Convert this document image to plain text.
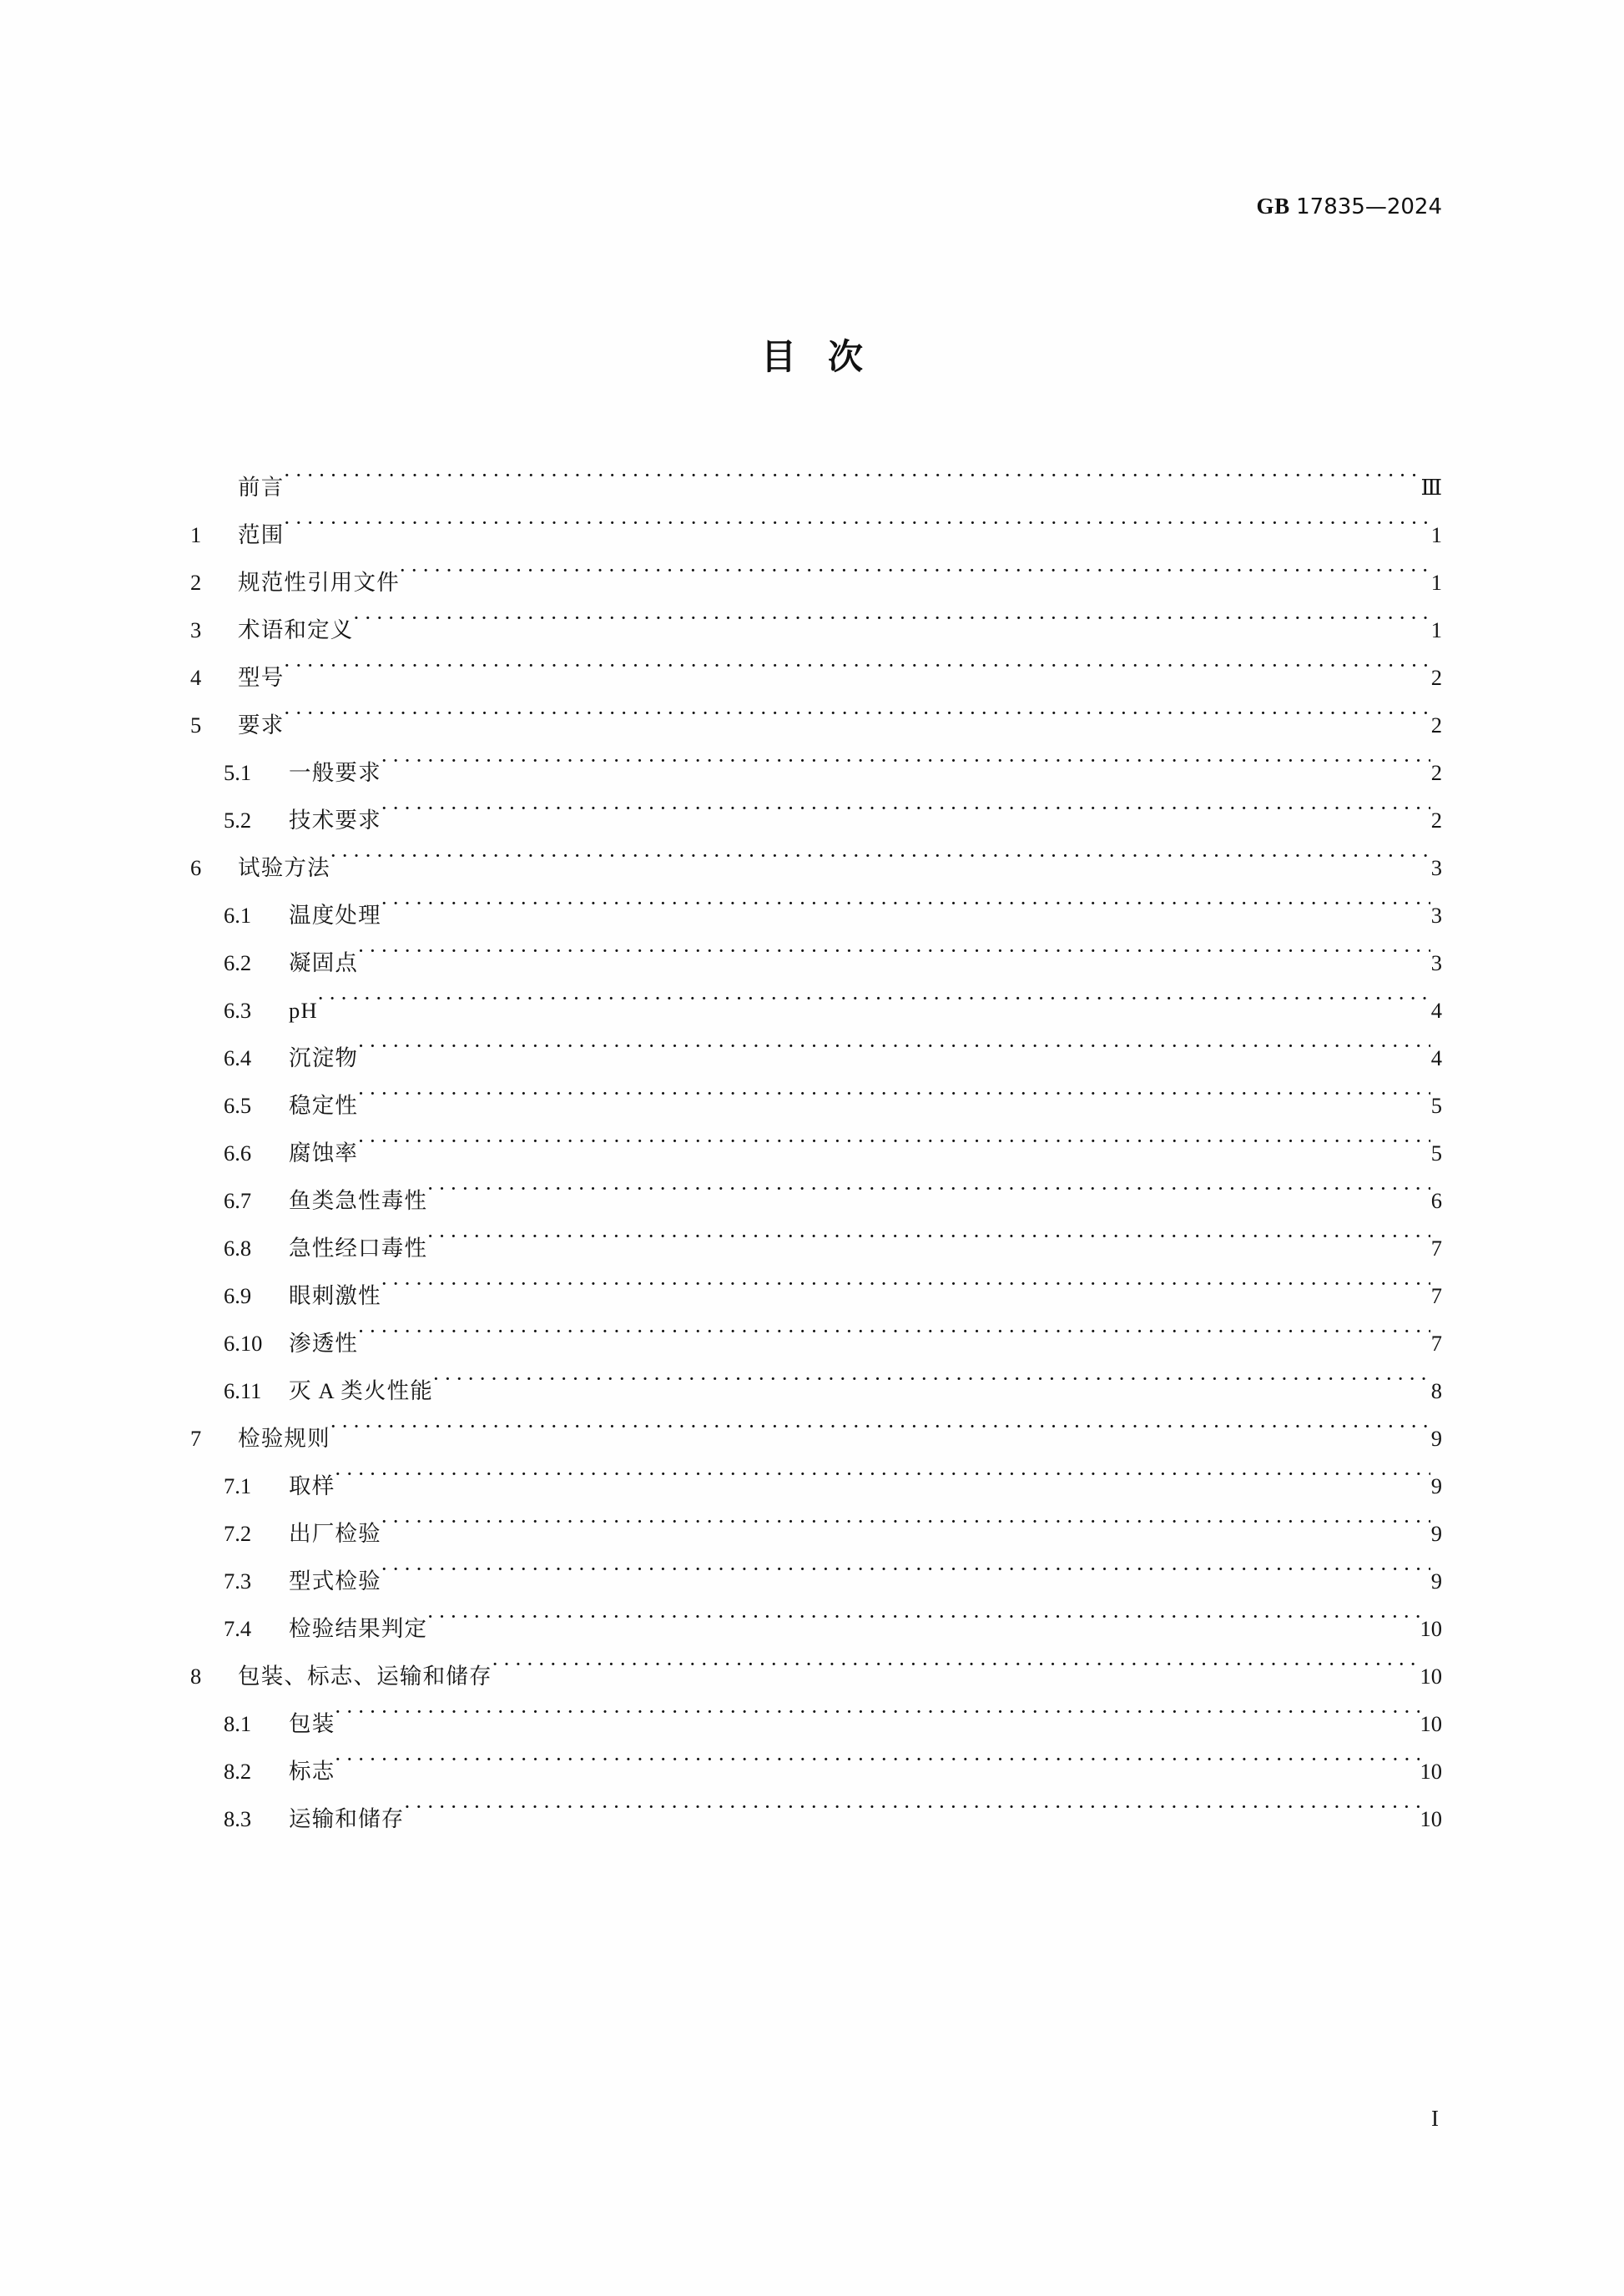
GB 17835—2024
目次
前言 ·····	Ⅲ
1	范围 ·····	1
2	规范性引用文件 ·····	1
3	术语和定义 ·····	1
4	型号 ·····	2
5	要求 ·····	2
5.1	一般要求 ·····	2
5.2	技术要求 ·····	2
6	试验方法 ·····	3
6.1	温度处理 ·····	3
6.2	凝固点 ·····	3
6.3	pH ·····	4
6.4	沉淀物 ·····	4
6.5	稳定性 ·····	5
6.6	腐蚀率 ·····	5
6.7	鱼类急性毒性 ·····	6
6.8	急性经口毒性 ·····	7
6.9	眼刺激性 ·····	7
6.10	渗透性 ·····	7
6.11	灭 A 类火性能 ·····	8
7	检验规则 ·····	9
7.1	取样 ·····	9
7.2	出厂检验 ·····	9
7.3	型式检验 ·····	9
7.4	检验结果判定 ·····	10
8	包装、标志、运输和储存 ·····	10
8.1	包装 ·····	10
8.2	标志 ·····	10
8.3	运输和储存 ·····	10
I
